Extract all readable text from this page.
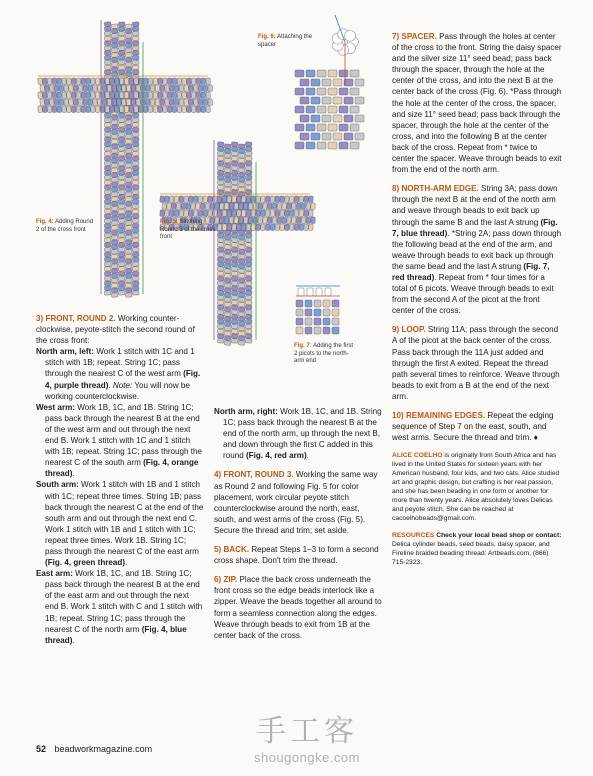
Fig. 6: Attaching the spacer
Fig. 4: Adding Round 2 of the cross front
Fig. 5: Stitching Round 3 of the cross front
Fig. 7: Adding the first 2 picots to the north-arm end

3) FRONT, ROUND 2. Working counter-clockwise, peyote-stitch the second round of the cross front:

North arm, left: Work 1 stitch with 1C and 1 stitch with 1B; repeat. String 1C; pass through the nearest C of the west arm (Fig. 4, purple thread). Note: You will now be working counterclockwise.

West arm: Work 1B, 1C, and 1B. String 1C; pass back through the nearest B at the end of the west arm and out through the next end B. Work 1 stitch with 1C and 1 stitch with 1B; repeat. String 1C; pass through the nearest C of the south arm (Fig. 4, orange thread).

South arm: Work 1 stitch with 1B and 1 stitch with 1C; repeat three times. String 1B; pass back through the nearest C at the end of the south arm and out through the next end C. Work 1 stitch with 1B and 1 stitch with 1C; repeat three times. Work 1B. String 1C; pass through the nearest C of the east arm (Fig. 4, green thread).

East arm: Work 1B, 1C, and 1B. String 1C; pass back through the nearest B at the end of the east arm and out through the next end B. Work 1 stitch with C and 1 stitch with 1B; repeat. String 1C; pass through the nearest C of the north arm (Fig. 4, blue thread).

North arm, right: Work 1B, 1C, and 1B. String 1C; pass back through the nearest B at the end of the north arm, up through the next B, and down through the first C added in this round (Fig. 4, red arm).

4) FRONT, ROUND 3. Working the same way as Round 2 and following Fig. 5 for color placement, work circular peyote stitch counterclockwise around the north, east, south, and west arms of the cross (Fig. 5). Secure the thread and trim; set aside.

5) BACK. Repeat Steps 1–3 to form a second cross shape. Don't trim the thread.

6) ZIP. Place the back cross underneath the front cross so the edge beads interlock like a zipper. Weave the beads together all around to form a seamless connection along the edges. Weave through beads to exit from 1B at the center back of the cross.

7) SPACER. Pass through the holes at center of the cross to the front. String the daisy spacer and the silver size 11° seed bead; pass back through the spacer, through the hole at the center of the cross, and into the next B at the center back of the cross (Fig. 6). *Pass through the hole at the center of the cross, the spacer, and size 11° seed bead; pass back through the spacer, through the hole at the center of the cross, and into the following B at the center back of the cross. Repeat from * twice to center the spacer. Weave through beads to exit from the end of the north arm.

8) NORTH-ARM EDGE. String 3A; pass down through the next B at the end of the north arm and weave through beads to exit back up through the same B and the last A strung (Fig. 7, blue thread). *String 2A; pass down through the following bead at the end of the arm, and weave through beads to exit back up through the same bead and the last A strung (Fig. 7, red thread). Repeat from * four times for a total of 6 picots. Weave through beads to exit from the second A of the picot at the front center of the cross.

9) LOOP. String 11A; pass through the second A of the picot at the back center of the cross. Pass back through the 11A just added and through the first A exited. Repeat the thread path several times to reinforce. Weave through beads to exit from a B at the end of the next arm.

10) REMAINING EDGES. Repeat the edging sequence of Step 7 on the east, south, and west arms. Secure the thread and trim. ♦

ALICE COELHO is originally from South Africa and has lived in the United States for sixteen years with her American husband, four kids, and two cats. Alice studied art and graphic design, but crafting is her real passion, and she has been beading in one form or another for more than twenty years. Alice absolutely loves Delicas and peyote stitch. She can be reached at cacoelhobeads@gmail.com.

RESOURCES Check your local bead shop or contact: Delica cylinder beads, seed beads, daisy spacer, and Fireline braided beading thread: Artbeads.com, (866) 715-2323.

手工客
shougongke.com
52 beadworkmagazine.com
